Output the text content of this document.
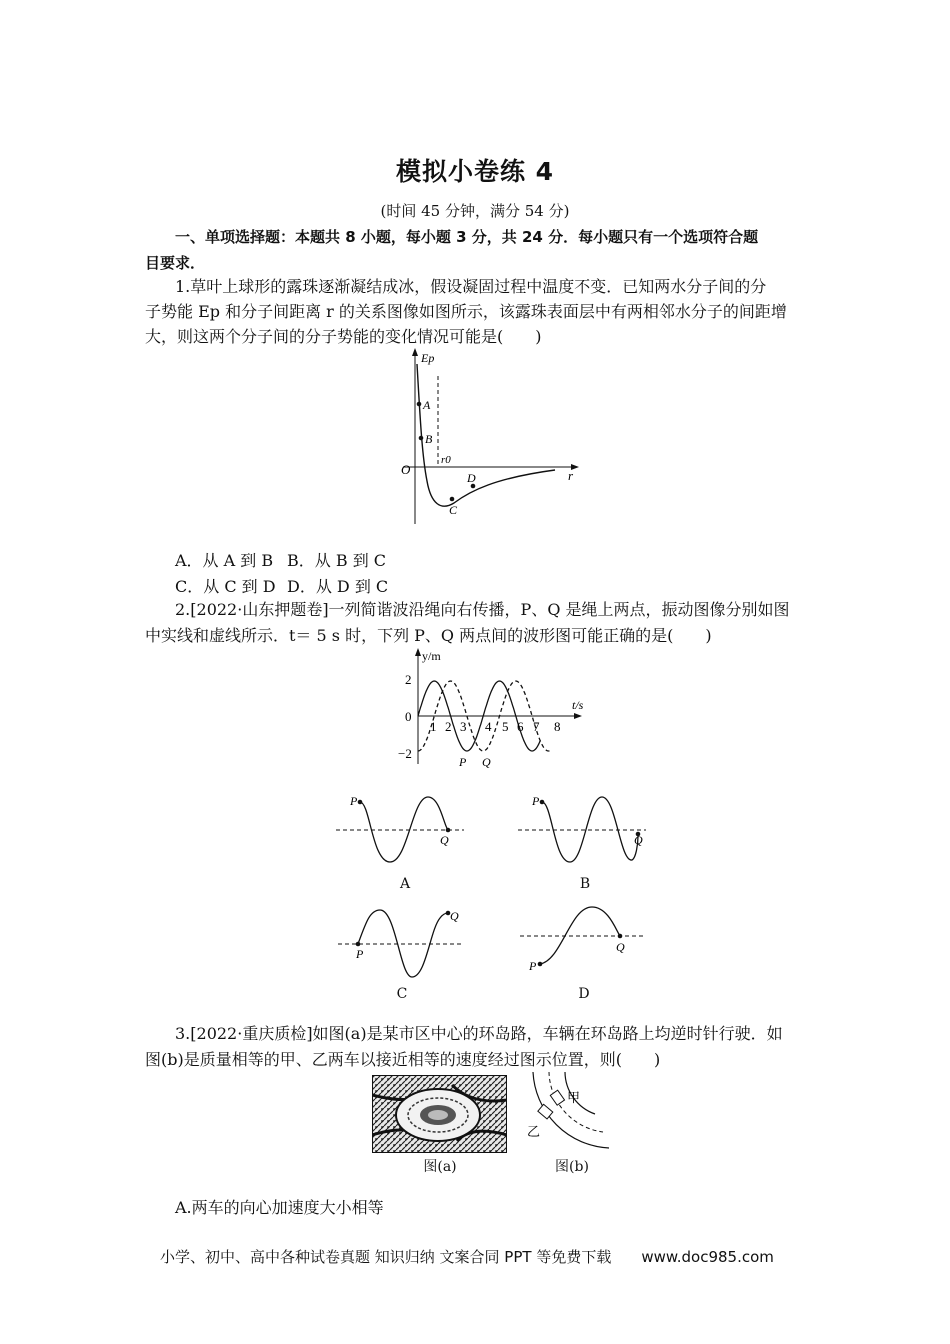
模拟小卷练 4
(时间 45 分钟，满分 54 分)
一、单项选择题：本题共 8 小题，每小题 3 分，共 24 分．每小题只有一个选项符合题
目要求．
1.草叶上球形的露珠逐渐凝结成冰，假设凝固过程中温度不变．已知两水分子间的分
子势能 Ep 和分子间距离 r 的关系图像如图所示，该露珠表面层中有两相邻水分子的间距增
大，则这两个分子间的分子势能的变化情况可能是(　　)
Ep
O
r0
r
A
B
C
D
A．从 A 到 B B．从 B 到 C
C．从 C 到 D D．从 D 到 C
2.[2022·山东押题卷]一列简谐波沿绳向右传播，P、Q 是绳上两点，振动图像分别如图
中实线和虚线所示．t＝ 5 s 时，下列 P、Q 两点间的波形图可能正确的是(　　)
y/m
t/s
2
0
−2
1 2 3 4 5 6 7 8
P Q
P
Q
A
P
Q
B
P
Q
C
P
Q
D
3.[2022·重庆质检]如图(a)是某市区中心的环岛路，车辆在环岛路上均逆时针行驶．如
图(b)是质量相等的甲、乙两车以接近相等的速度经过图示位置，则(　　)
图(a)
甲
乙
图(b)
A.两车的向心加速度大小相等
小学、初中、高中各种试卷真题 知识归纳 文案合同 PPT 等免费下载　　www.doc985.com
